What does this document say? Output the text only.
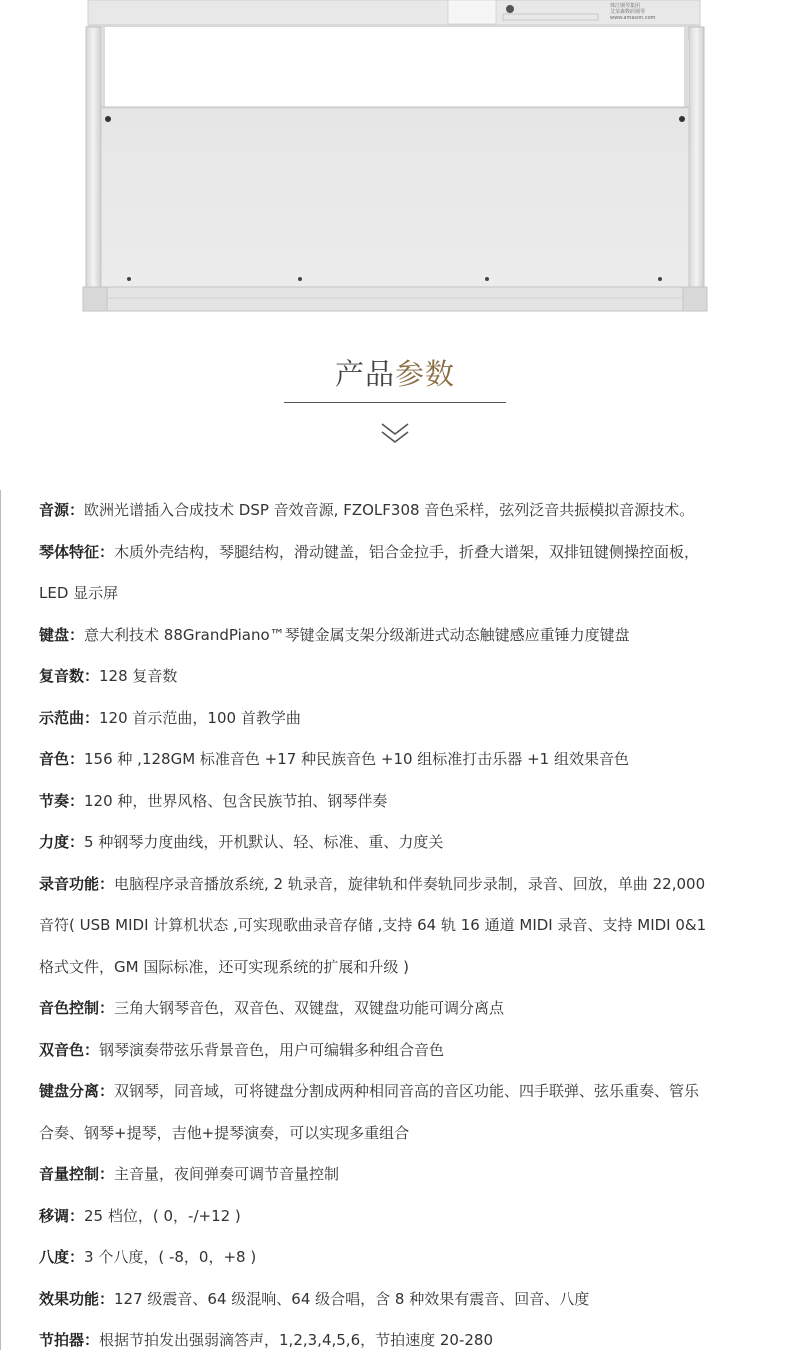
珠江钢琴集团
艾茉森数码钢琴
www.amason.com
产品参数
音源：欧洲光谱插入合成技术 DSP 音效音源, FZOLF308 音色采样，弦列泛音共振模拟音源技术。
琴体特征：木质外壳结构，琴腿结构，滑动键盖，铝合金拉手，折叠大谱架，双排钮键侧操控面板，
LED 显示屏
键盘：意大利技术 88GrandPiano™琴键金属支架分级渐进式动态触键感应重锤力度键盘
复音数：128 复音数
示范曲：120 首示范曲，100 首教学曲
音色：156 种 ,128GM 标准音色 +17 种民族音色 +10 组标准打击乐器 +1 组效果音色
节奏：120 种，世界风格、包含民族节拍、钢琴伴奏
力度：5 种钢琴力度曲线，开机默认、轻、标准、重、力度关
录音功能：电脑程序录音播放系统, 2 轨录音，旋律轨和伴奏轨同步录制，录音、回放，单曲 22,000
音符( USB MIDI 计算机状态 ,可实现歌曲录音存储 ,支持 64 轨 16 通道 MIDI 录音、支持 MIDI 0&1
格式文件，GM 国际标准，还可实现系统的扩展和升级 )
音色控制：三角大钢琴音色，双音色、双键盘，双键盘功能可调分离点
双音色：钢琴演奏带弦乐背景音色，用户可编辑多种组合音色
键盘分离：双钢琴，同音域，可将键盘分割成两种相同音高的音区功能、四手联弹、弦乐重奏、管乐
合奏、钢琴+提琴，吉他+提琴演奏，可以实现多重组合
音量控制：主音量，夜间弹奏可调节音量控制
移调：25 档位，( 0，-/+12 )
八度：3 个八度，( -8，0，+8 )
效果功能：127 级震音、64 级混响、64 级合唱，含 8 种效果有震音、回音、八度
节拍器：根据节拍发出强弱滴答声，1,2,3,4,5,6，节拍速度 20-280
